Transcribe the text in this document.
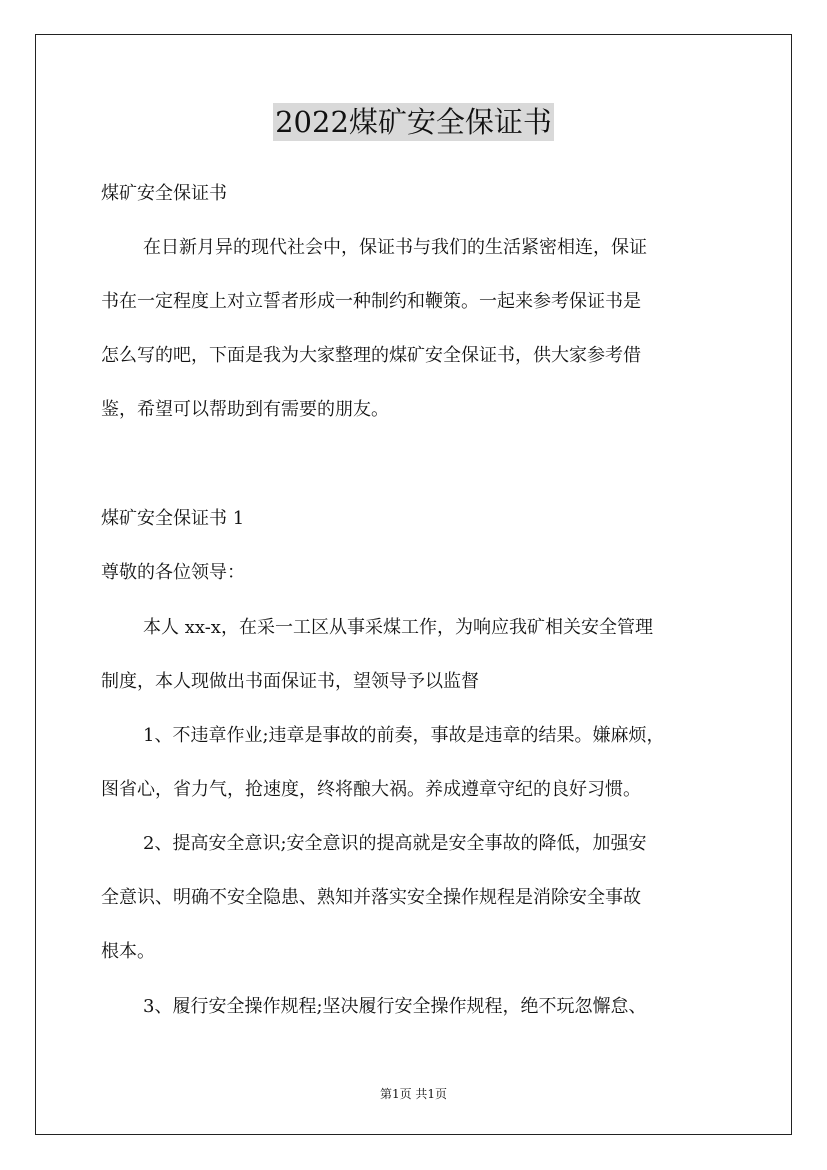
2022煤矿安全保证书
煤矿安全保证书
在日新月异的现代社会中，保证书与我们的生活紧密相连，保证
书在一定程度上对立誓者形成一种制约和鞭策。一起来参考保证书是
怎么写的吧，下面是我为大家整理的煤矿安全保证书，供大家参考借
鉴，希望可以帮助到有需要的朋友。
煤矿安全保证书 1
尊敬的各位领导：
本人 xx-x，在采一工区从事采煤工作，为响应我矿相关安全管理
制度，本人现做出书面保证书，望领导予以监督
1、不违章作业;违章是事故的前奏，事故是违章的结果。嫌麻烦，
图省心，省力气，抢速度，终将酿大祸。养成遵章守纪的良好习惯。
2、提高安全意识;安全意识的提高就是安全事故的降低，加强安
全意识、明确不安全隐患、熟知并落实安全操作规程是消除安全事故
根本。
3、履行安全操作规程;坚决履行安全操作规程，绝不玩忽懈怠、
第1页 共1页
